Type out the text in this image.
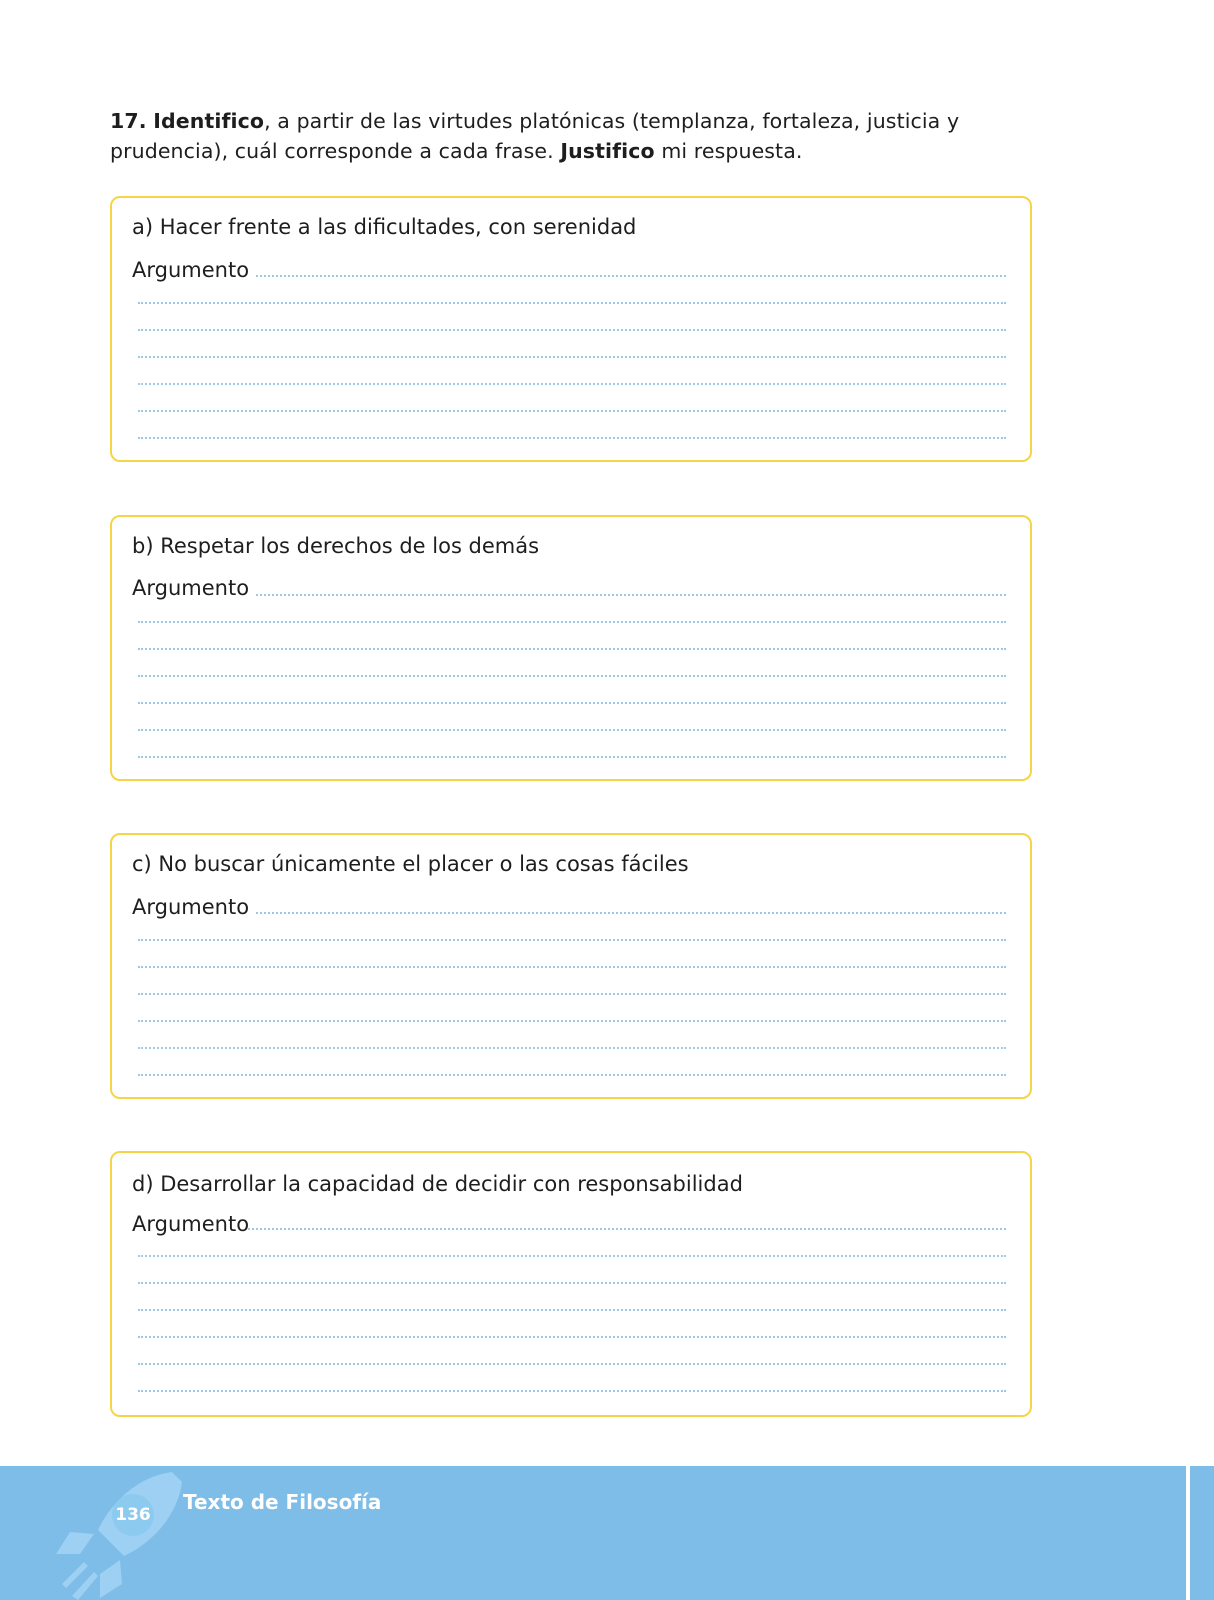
17. Identifico, a partir de las virtudes platónicas (templanza, fortaleza, justicia y prudencia), cuál corresponde a cada frase. Justifico mi respuesta.
a) Hacer frente a las dificultades, con serenidad
Argumento
b) Respetar los derechos de los demás
Argumento
c) No buscar únicamente el placer o las cosas fáciles
Argumento
d) Desarrollar la capacidad de decidir con responsabilidad
Argumento
136
Texto de Filosofía
